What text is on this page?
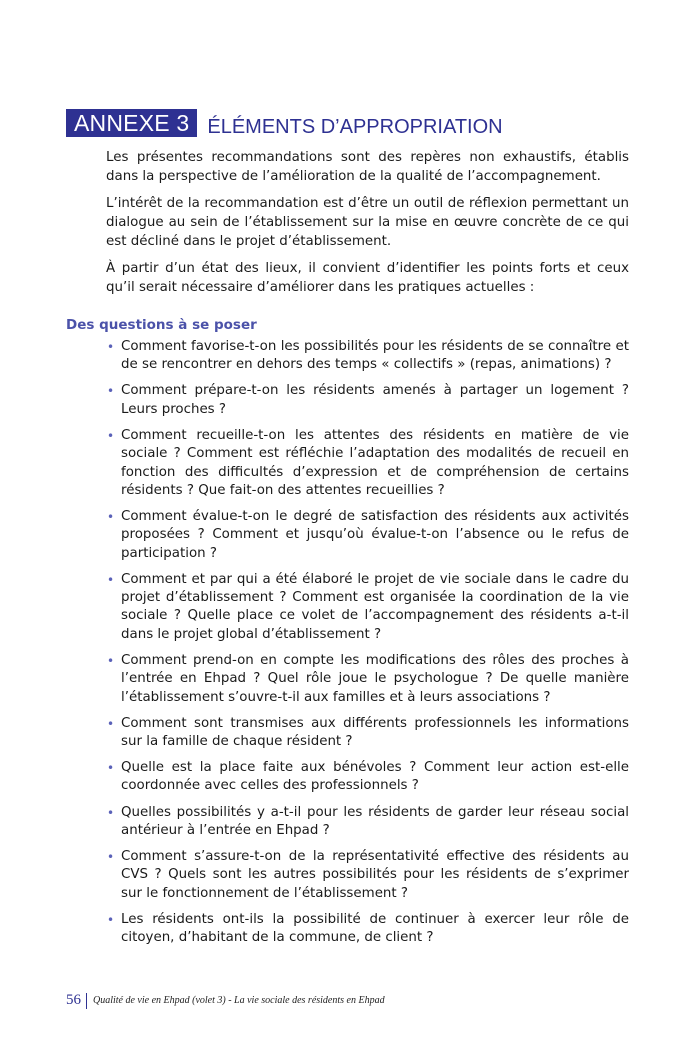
ANNEXE 3 ÉLÉMENTS D’APPROPRIATION

Les présentes recommandations sont des repères non exhaustifs, établis dans la perspective de l’amélioration de la qualité de l’accompagnement.

L’intérêt de la recommandation est d’être un outil de réflexion permettant un dialogue au sein de l’établissement sur la mise en œuvre concrète de ce qui est décliné dans le projet d’établissement.

À partir d’un état des lieux, il convient d’identifier les points forts et ceux qu’il serait nécessaire d’améliorer dans les pratiques actuelles :

Des questions à se poser
• Comment favorise-t-on les possibilités pour les résidents de se connaître et de se rencontrer en dehors des temps « collectifs » (repas, animations) ?
• Comment prépare-t-on les résidents amenés à partager un logement ? Leurs proches ?
• Comment recueille-t-on les attentes des résidents en matière de vie sociale ? Comment est réfléchie l’adaptation des modalités de recueil en fonction des difficultés d’expression et de compréhension de certains résidents ? Que fait-on des attentes recueillies ?
• Comment évalue-t-on le degré de satisfaction des résidents aux activités proposées ? Comment et jusqu’où évalue-t-on l’absence ou le refus de participation ?
• Comment et par qui a été élaboré le projet de vie sociale dans le cadre du projet d’établissement ? Comment est organisée la coordination de la vie sociale ? Quelle place ce volet de l’accompagnement des résidents a-t-il dans le projet global d’établissement ?
• Comment prend-on en compte les modifications des rôles des proches à l’entrée en Ehpad ? Quel rôle joue le psychologue ? De quelle manière l’établissement s’ouvre-t-il aux familles et à leurs associations ?
• Comment sont transmises aux différents professionnels les informations sur la famille de chaque résident ?
• Quelle est la place faite aux bénévoles ? Comment leur action est-elle coordonnée avec celles des professionnels ?
• Quelles possibilités y a-t-il pour les résidents de garder leur réseau social antérieur à l’entrée en Ehpad ?
• Comment s’assure-t-on de la représentativité effective des résidents au CVS ? Quels sont les autres possibilités pour les résidents de s’exprimer sur le fonctionnement de l’établissement ?
• Les résidents ont-ils la possibilité de continuer à exercer leur rôle de citoyen, d’habitant de la commune, de client ?
56 Qualité de vie en Ehpad (volet 3) - La vie sociale des résidents en Ehpad
